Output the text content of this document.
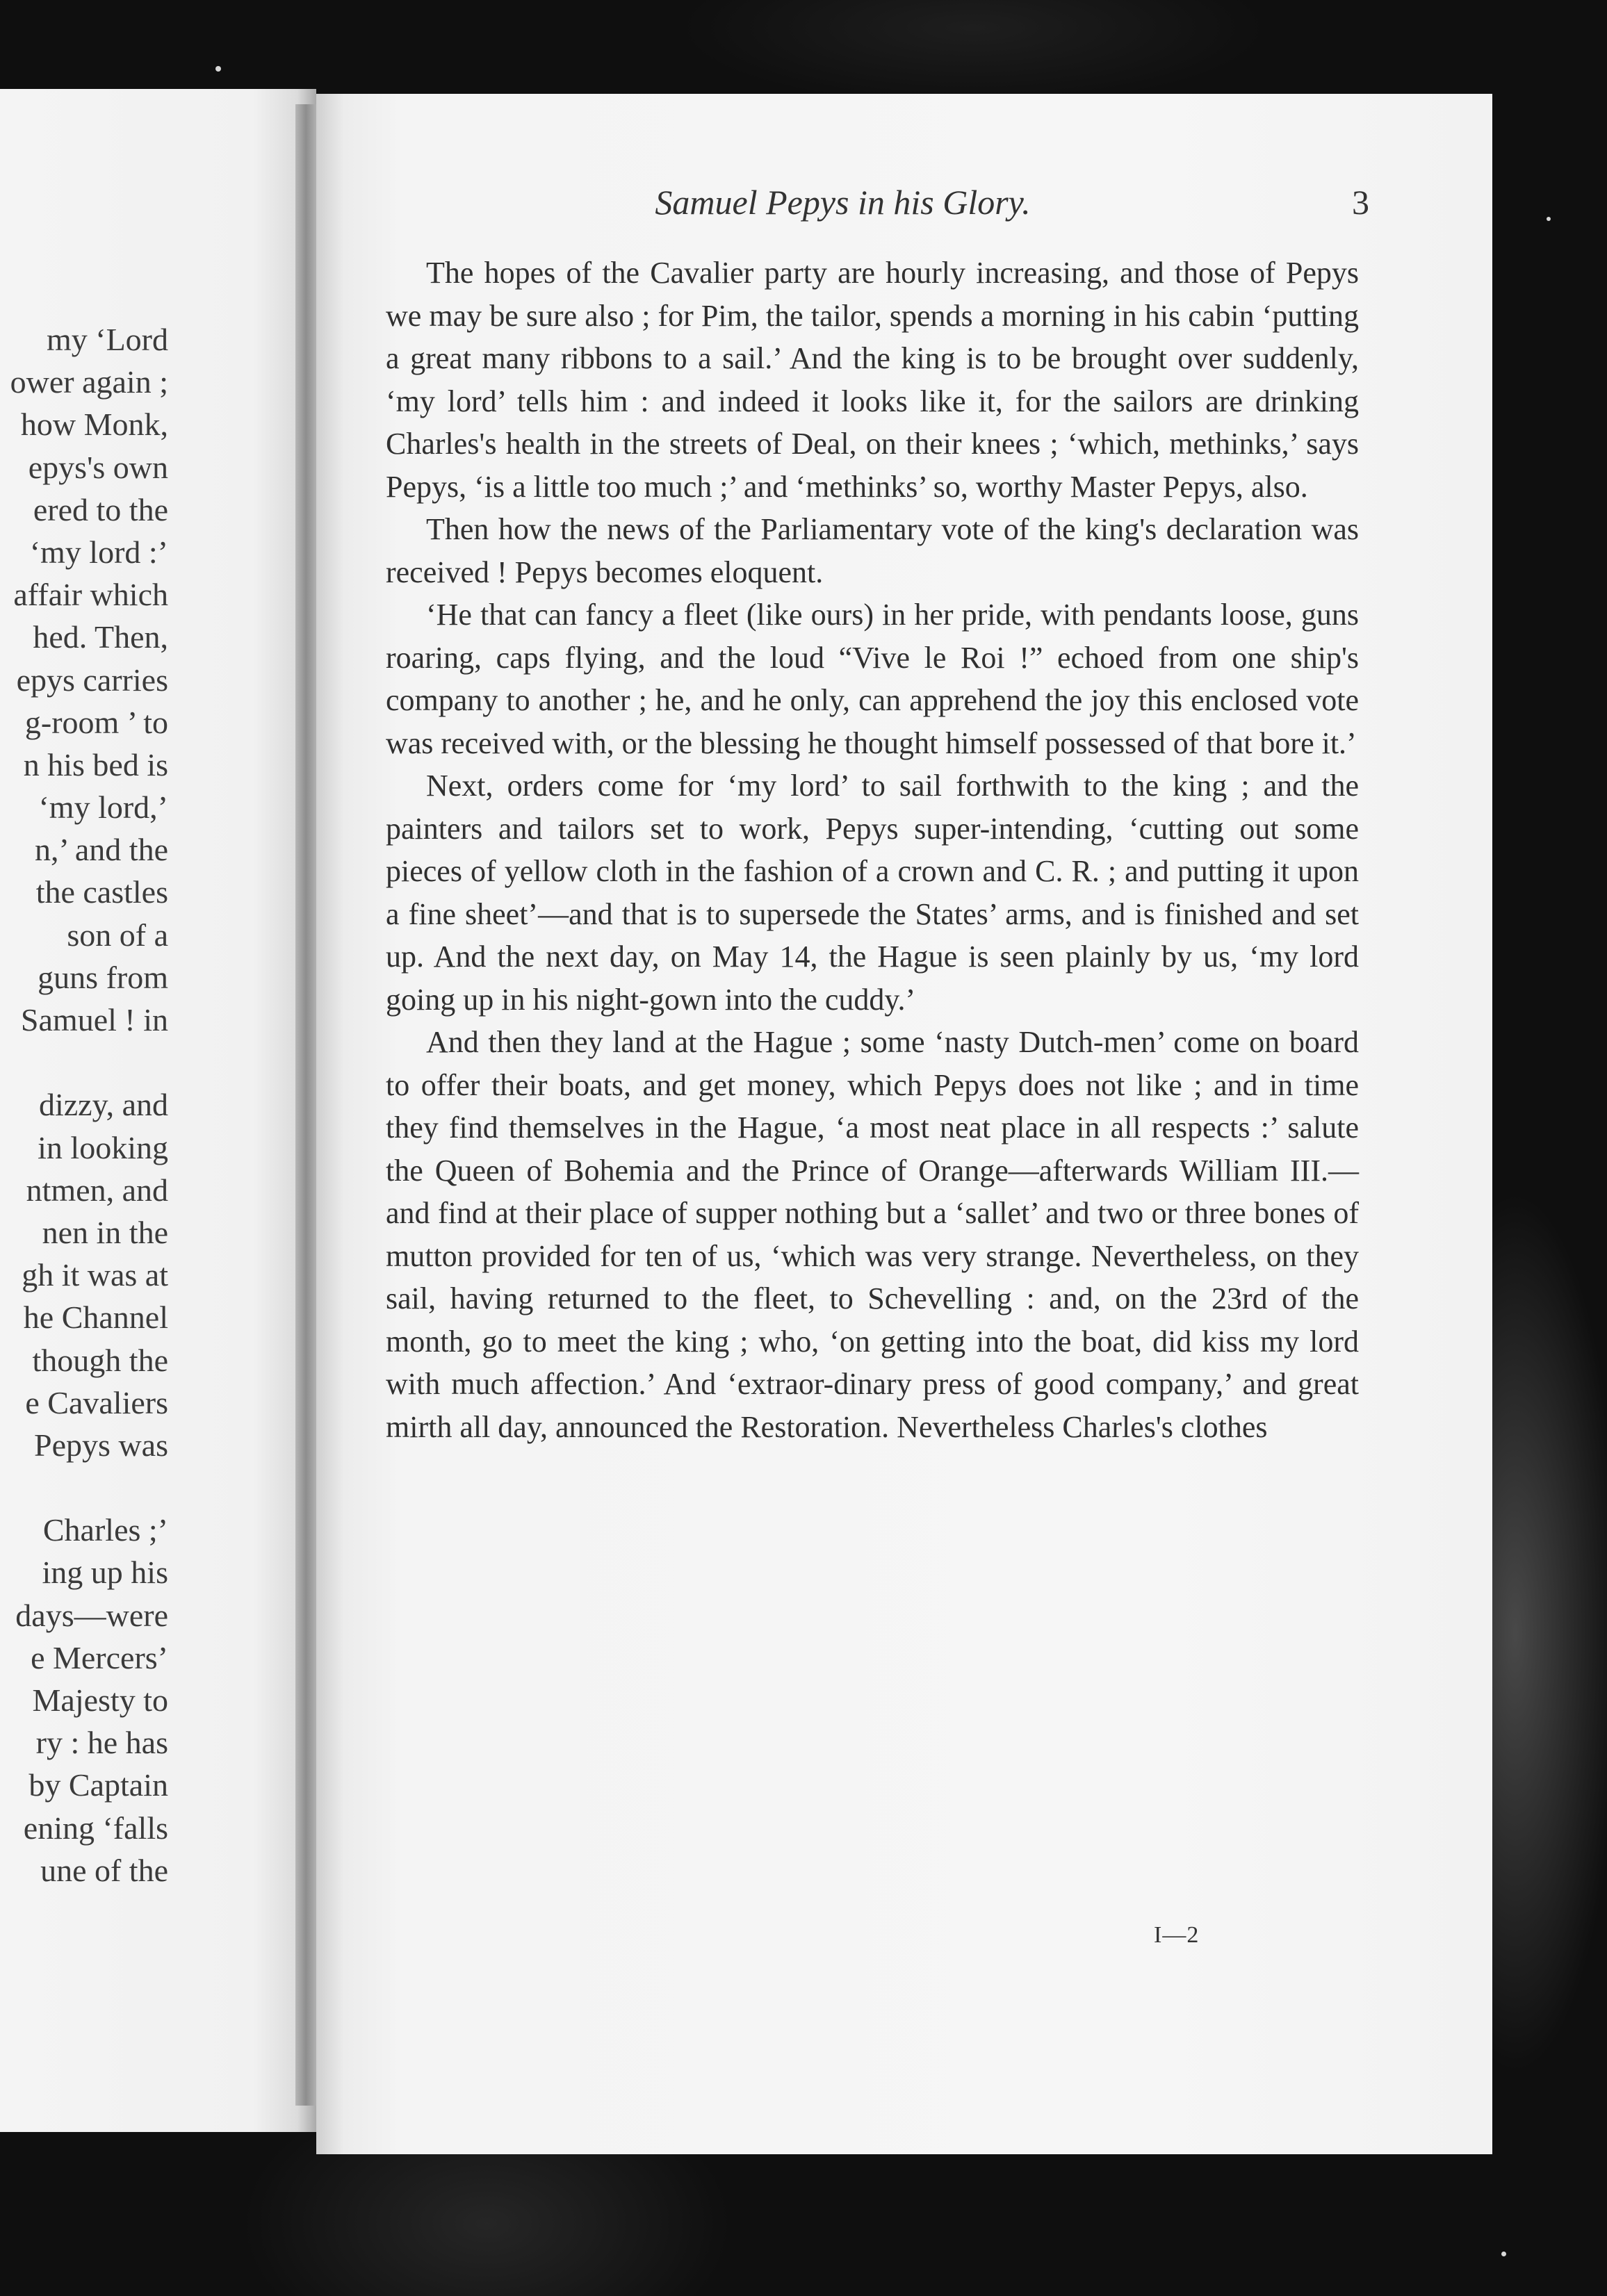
my ‘Lord
ower again ;
how Monk,
epys's own
ered to the
‘my lord :’
affair which
hed. Then,
epys carries
g-room ’ to
n his bed is
‘my lord,’
n,’ and the
the castles
son of a
guns from
Samuel ! in
dizzy, and
in looking
ntmen, and
nen in the
gh it was at
he Channel
though the
e Cavaliers
Pepys was
Charles ;’
ing up his
days—were
e Mercers’
Majesty to
ry : he has
by Captain
ening ‘falls
une of the
Samuel Pepys in his Glory.	3

The hopes of the Cavalier party are hourly increasing, and those of Pepys we may be sure also ; for Pim, the tailor, spends a morning in his cabin ‘putting a great many ribbons to a sail.’ And the king is to be brought over suddenly, ‘my lord’ tells him : and indeed it looks like it, for the sailors are drinking Charles's health in the streets of Deal, on their knees ; ‘which, methinks,’ says Pepys, ‘is a little too much ;’ and ‘methinks’ so, worthy Master Pepys, also.

Then how the news of the Parliamentary vote of the king's declaration was received ! Pepys becomes eloquent.

‘He that can fancy a fleet (like ours) in her pride, with pendants loose, guns roaring, caps flying, and the loud “Vive le Roi !” echoed from one ship's company to another ; he, and he only, can apprehend the joy this enclosed vote was received with, or the blessing he thought himself possessed of that bore it.’

Next, orders come for ‘my lord’ to sail forthwith to the king ; and the painters and tailors set to work, Pepys super-intending, ‘cutting out some pieces of yellow cloth in the fashion of a crown and C. R. ; and putting it upon a fine sheet’—and that is to supersede the States’ arms, and is finished and set up. And the next day, on May 14, the Hague is seen plainly by us, ‘my lord going up in his night-gown into the cuddy.’

And then they land at the Hague ; some ‘nasty Dutch-men’ come on board to offer their boats, and get money, which Pepys does not like ; and in time they find themselves in the Hague, ‘a most neat place in all respects :’ salute the Queen of Bohemia and the Prince of Orange—afterwards William III.—and find at their place of supper nothing but a ‘sallet’ and two or three bones of mutton provided for ten of us, ‘which was very strange. Nevertheless, on they sail, having returned to the fleet, to Schevelling : and, on the 23rd of the month, go to meet the king ; who, ‘on getting into the boat, did kiss my lord with much affection.’ And ‘extraor-dinary press of good company,’ and great mirth all day, announced the Restoration. Nevertheless Charles's clothes

I—2
